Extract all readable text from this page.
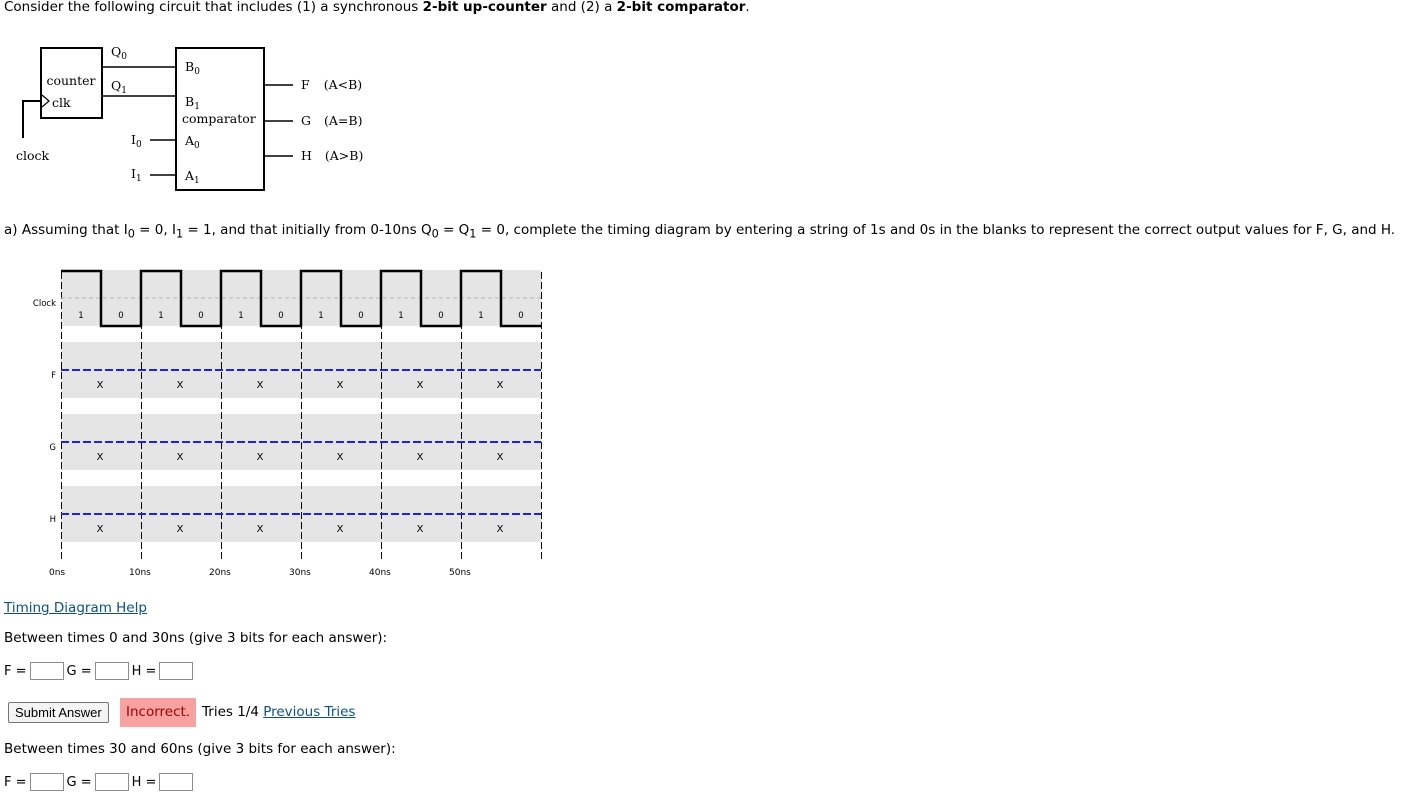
Consider the following circuit that includes (1) a synchronous 2-bit up-counter and (2) a 2-bit comparator.
counter
clk
clock
$Q_0$
$Q_1$
$I_0$
$I_1$
$B_0$
$B_1$
comparator
$A_0$
$A_1$
F (A<B)
G (A=B)
H (A>B)
a) Assuming that $I_0 = 0$, $I_1 = 1$, and that initially from 0-10ns $Q_0 = Q_1 = 0$, complete the timing diagram by entering a string of 1s and 0s in the blanks to represent the correct output values for F, G, and H.
Clock
F
G
H
1	0	1	0	1	0	1	0	1	0	1	0
X	X	X	X	X	X
X	X	X	X	X	X
X	X	X	X	X	X
0ns	10ns	20ns	30ns	40ns	50ns
Timing Diagram Help
Between times 0 and 30ns (give 3 bits for each answer):
F =	G =	H =
Submit Answer	Incorrect. Tries 1/4 Previous Tries
Between times 30 and 60ns (give 3 bits for each answer):
F =	G =	H =
